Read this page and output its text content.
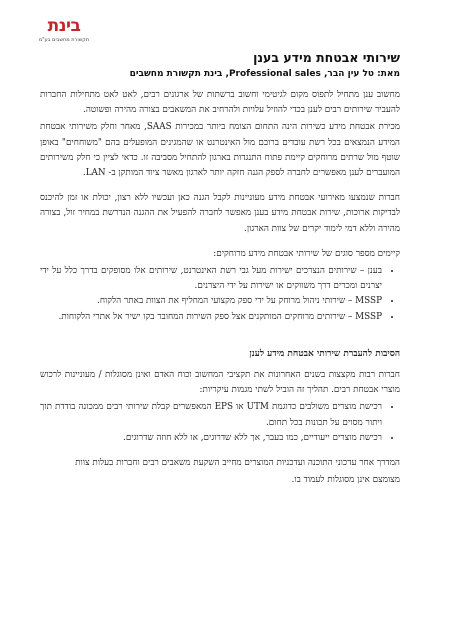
בינת
תקשורת מחשבים בע"מ
שירותי אבטחת מידע בענן
מאת: טל עין הבר, Professional sales, בינת תקשורת מחשבים

מחשוב ענן מתחיל לתפוס מקום לגיטימי וחשוב ברשתות של ארגונים רבים, לאט לאט מתחילות החברות להעביר שירותים רבים לענן בכדי להוזיל עלויות ולהרחיב את המשאבים בצורה מהירה ופשוטה.

מכירת אבטחת מידע כשירות הינה התחום הצומח ביותר במכירות SAAS, מאחר וחלק משירותי אבטחת המידע הנמצאים בכל רשת עובדים ברובם מול האינטרנט או שהמגינים המופעלים בהם "משוחחים" באופן שוטף מול שרתים מרוחקים קיימת פתוח התנגדות בארגון להתחיל מסביבה זו. כדאי לציין כי חלק משירותים המועברים לענן מאפשרים לחברה לספק הגנה חזקה יותר לארגון מאשר ציוד המותקן ב- LAN.

חברות שנמצעו מאירועי אבטחת מידע מעוניינות לקבל הגנה כאן ועכשיו ללא רצון, יכולת או זמן להיכנס לבדיקות ארוכות, שירות אבטחת מידע בענן מאפשר לחברה להפעיל את ההגנה הנדרשת במחיר זול, בצורה מהירה וללא דמי לימוד יקרים של צוות הארגון.

קיימים מספר סוגים של שירותי אבטחת מידע מרוחקים:

• בענן – שירותים הנצרכים ישירות מעל גבי רשת האינטרנט, שירותים אלו מסופקים בדרך כלל על ידי יצרנים ומכרים דרך משווקים או ישירות על ידי היצרנים.
• MSSP – שירותי ניהול מרוחק על ידי ספק מקצועי המחליף את הצוות באתר הלקוח.
• MSSP – שירותים מרוחקים המותקנים אצל ספק השירות המחובר בקו ישיר אל אתרי הלקוחות.
הסיבות להעברת שירותי אבטחת מידע לענן

חברות רבות מקצצות בשנים האחרונות את תקציבי המחשוב וכוח האדם ואינן מסוגלות / מעוניינות לרכוש מוצרי אבטחת רבים. תהליך זה הוביל לשתי מגמות עיקריות:

• רכישת מוצרים משולבים כדוגמת UTM או EPS המאפשרים קבלת שירותי רבים ממכונה בודדת תוך ויתור מסוים על תכונות בכל תחום.
• רכישת מוצרים ייעודיים, כמו בעבר, אך ללא שדרוגים, או ללא חוזה שדרוגים.

המדרך אחר עדכוני התוכנה ועדכניות המוצרים מחייב השקעת משאבים רבים וחברות בעלות צוות

מצומצם אינן מסוגלות לעמוד בו.
